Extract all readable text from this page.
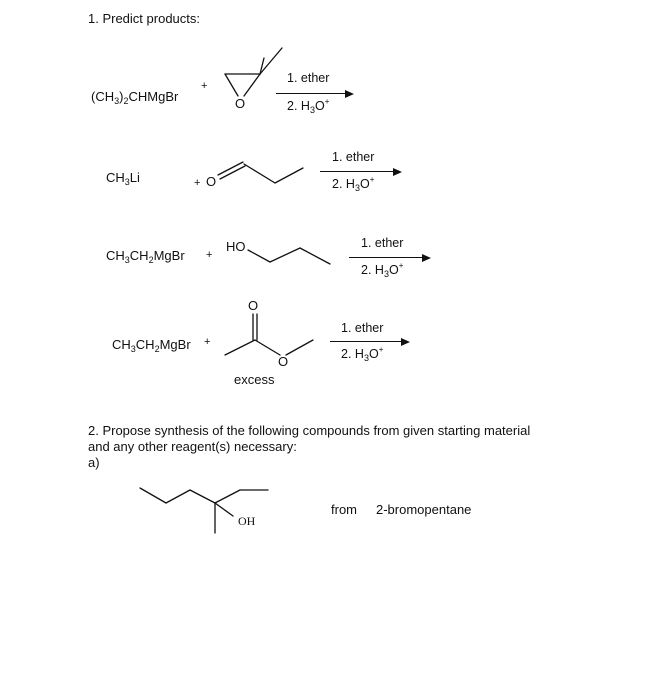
1. Predict products:
$(CH_3)_2CHMgBr$
+
O
1. ether
2. $H_3O^+$
$CH_3Li$	+ O
1. ether
2. $H_3O^+$
$CH_3CH_2MgBr$ +
HO	1. ether
2. $H_3O^+$
$CH_3CH_2MgBr$ +
O
O
excess
1. ether
2. $H_3O^+$
2. Propose synthesis of the following compounds from given starting material
and any other reagent(s) necessary:
a)
OH
from 2-bromopentane
